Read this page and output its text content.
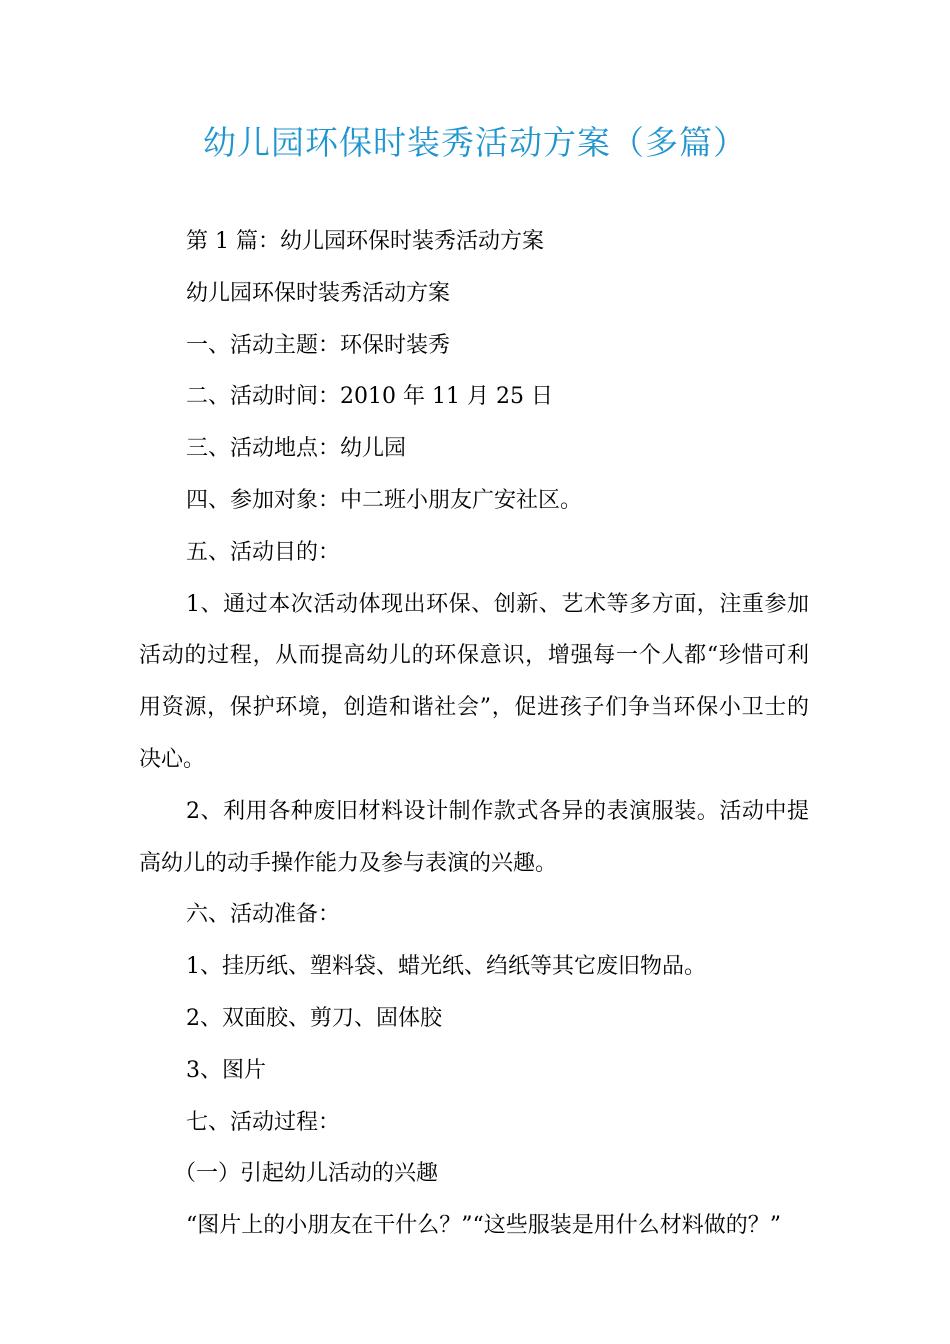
幼儿园环保时装秀活动方案（多篇）

第 1 篇：幼儿园环保时装秀活动方案

幼儿园环保时装秀活动方案

一、活动主题：环保时装秀

二、活动时间：2010 年 11 月 25 日

三、活动地点：幼儿园

四、参加对象：中二班小朋友广安社区。

五、活动目的：

1、通过本次活动体现出环保、创新、艺术等多方面，注重参加活动的过程，从而提高幼儿的环保意识，增强每一个人都“珍惜可利用资源，保护环境，创造和谐社会”，促进孩子们争当环保小卫士的决心。

2、利用各种废旧材料设计制作款式各异的表演服装。活动中提高幼儿的动手操作能力及参与表演的兴趣。

六、活动准备：

1、挂历纸、塑料袋、蜡光纸、绉纸等其它废旧物品。

2、双面胶、剪刀、固体胶

3、图片

七、活动过程：

（一）引起幼儿活动的兴趣

“图片上的小朋友在干什么？”“这些服装是用什么材料做的？”
